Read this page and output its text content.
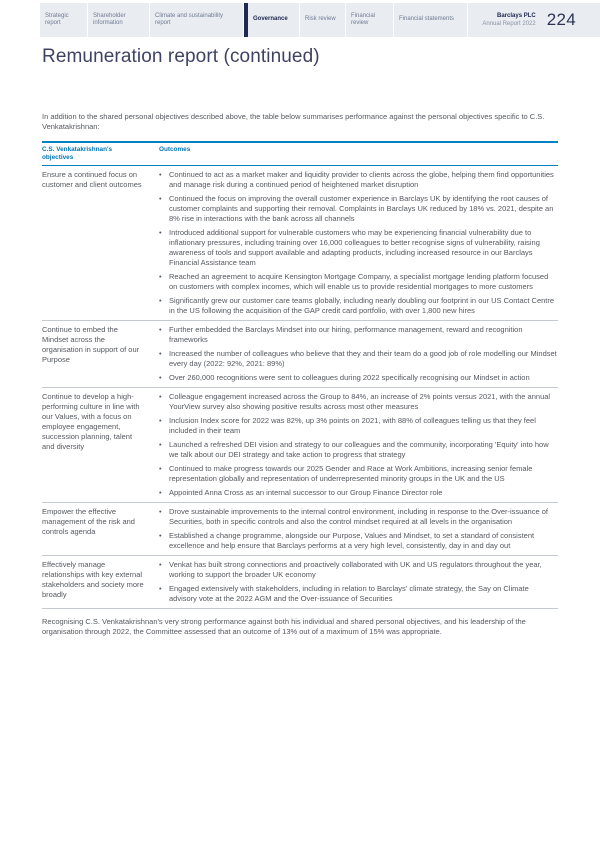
Strategic report
Shareholder information
Climate and sustainability report
Governance	Risk review
Financial review
Financial statements
Barclays PLC
Annual Report 2022 224
Remuneration report (continued)
In addition to the shared personal objectives described above, the table below summarises performance against the personal objectives specific to C.S. Venkatakrishnan:
C.S. Venkatakrishnan's objectives
Outcomes
Ensure a continued focus on customer and client outcomes
• Continued to act as a market maker and liquidity provider to clients across the globe, helping them find opportunities and manage risk during a continued period of heightened market disruption
• Continued the focus on improving the overall customer experience in Barclays UK by identifying the root causes of customer complaints and supporting their removal. Complaints in Barclays UK reduced by 18% vs. 2021, despite an 8% rise in interactions with the bank across all channels
• Introduced additional support for vulnerable customers who may be experiencing financial vulnerability due to inflationary pressures, including training over 16,000 colleagues to better recognise signs of vulnerability, raising awareness of tools and support available and adapting products, including increased resource in our Barclays Financial Assistance team
• Reached an agreement to acquire Kensington Mortgage Company, a specialist mortgage lending platform focused on customers with complex incomes, which will enable us to provide residential mortgages to more customers
• Significantly grew our customer care teams globally, including nearly doubling our footprint in our US Contact Centre in the US following the acquisition of the GAP credit card portfolio, with over 1,800 new hires
Continue to embed the Mindset across the organisation in support of our Purpose
• Further embedded the Barclays Mindset into our hiring, performance management, reward and recognition frameworks
• Increased the number of colleagues who believe that they and their team do a good job of role modelling our Mindset every day (2022: 92%, 2021: 89%)
• Over 260,000 recognitions were sent to colleagues during 2022 specifically recognising our Mindset in action
Continue to develop a high-performing culture in line with our Values, with a focus on employee engagement, succession planning, talent and diversity
• Colleague engagement increased across the Group to 84%, an increase of 2% points versus 2021, with the annual YourView survey also showing positive results across most other measures
• Inclusion Index score for 2022 was 82%, up 3% points on 2021, with 88% of colleagues telling us that they feel included in their team
• Launched a refreshed DEI vision and strategy to our colleagues and the community, incorporating 'Equity' into how we talk about our DEI strategy and take action to progress that strategy
• Continued to make progress towards our 2025 Gender and Race at Work Ambitions, increasing senior female representation globally and representation of underrepresented minority groups in the UK and the US
• Appointed Anna Cross as an internal successor to our Group Finance Director role
Empower the effective management of the risk and controls agenda
• Drove sustainable improvements to the internal control environment, including in response to the Over-issuance of Securities, both in specific controls and also the control mindset required at all levels in the organisation
• Established a change programme, alongside our Purpose, Values and Mindset, to set a standard of consistent excellence and help ensure that Barclays performs at a very high level, consistently, day in and day out
Effectively manage relationships with key external stakeholders and society more broadly
• Venkat has built strong connections and proactively collaborated with UK and US regulators throughout the year, working to support the broader UK economy
• Engaged extensively with stakeholders, including in relation to Barclays' climate strategy, the Say on Climate advisory vote at the 2022 AGM and the Over-issuance of Securities
Recognising C.S. Venkatakrishnan's very strong performance against both his individual and shared personal objectives, and his leadership of the organisation through 2022, the Committee assessed that an outcome of 13% out of a maximum of 15% was appropriate.
